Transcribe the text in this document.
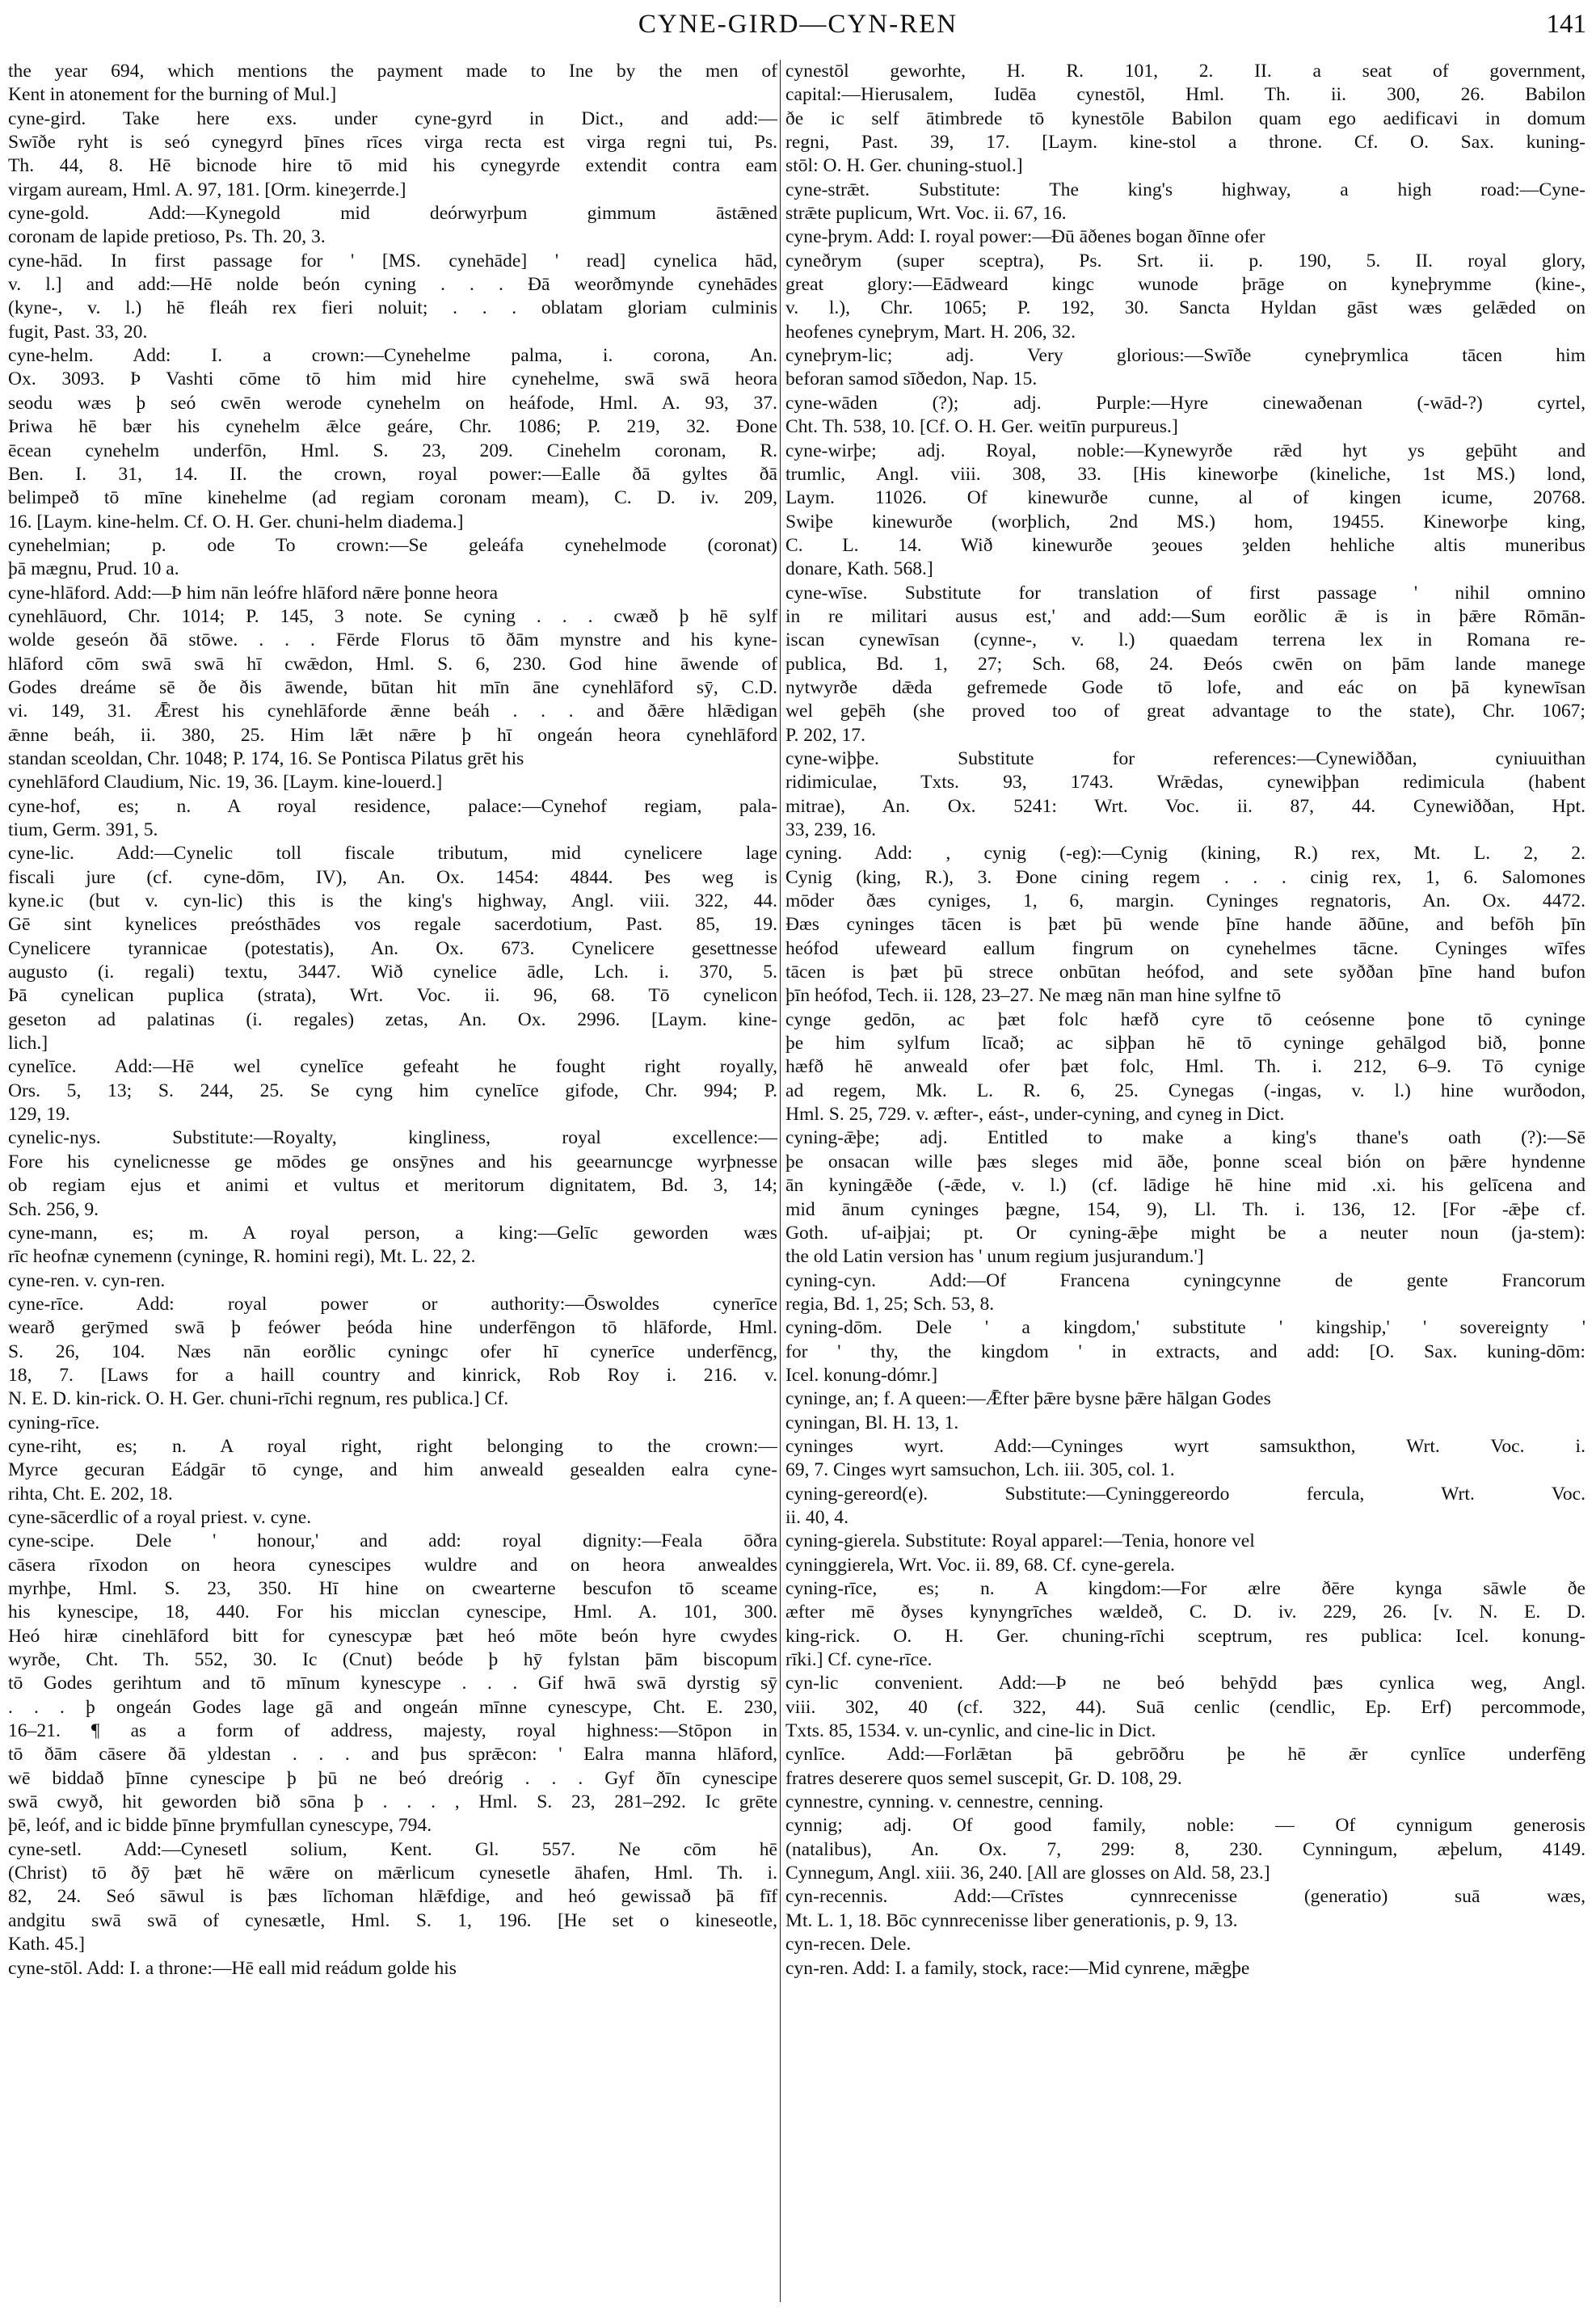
CYNE-GIRD—CYN-REN	141
the year 694, which mentions the payment made to Ine by the men of
Kent in atonement for the burning of Mul.]
cyne-gird. Take here exs. under cyne-gyrd in Dict., and add:—
Swīðe ryht is seó cynegyrd þīnes rīces virga recta est virga regni tui, Ps.
Th. 44, 8. Hē bicnode hire tō mid his cynegyrde extendit contra eam
virgam auream, Hml. A. 97, 181. [Orm. kineȝerrde.]
cyne-gold. Add:—Kynegold mid deórwyrþum gimmum āstǣned
coronam de lapide pretioso, Ps. Th. 20, 3.
cyne-hād. In first passage for ' [MS. cynehāde] ' read] cynelica hād,
v. l.] and add:—Hē nolde beón cyning . . . Ðā weorðmynde cynehādes
(kyne-, v. l.) hē fleáh rex fieri noluit; . . . oblatam gloriam culminis
fugit, Past. 33, 20.
cyne-helm. Add: I. a crown:—Cynehelme palma, i. corona, An.
Ox. 3093. Þ Vashti cōme tō him mid hire cynehelme, swā swā heora
seodu wæs þ seó cwēn werode cynehelm on heáfode, Hml. A. 93, 37.
Þriwa hē bær his cynehelm ǣlce geáre, Chr. 1086; P. 219, 32. Ðone
ēcean cynehelm underfōn, Hml. S. 23, 209. Cinehelm coronam, R.
Ben. I. 31, 14. II. the crown, royal power:—Ealle ðā gyltes ðā
belimpeð tō mīne kinehelme (ad regiam coronam meam), C. D. iv. 209,
16. [Laym. kine-helm. Cf. O. H. Ger. chuni-helm diadema.]
cynehelmian; p. ode To crown:—Se geleáfa cynehelmode (coronat)
þā mægnu, Prud. 10 a.
cyne-hlāford. Add:—Þ him nān leófre hlāford nǣre þonne heora
cynehlāuord, Chr. 1014; P. 145, 3 note. Se cyning . . . cwæð þ hē sylf
wolde geseón ðā stōwe. . . . Fērde Florus tō ðām mynstre and his kyne-
hlāford cōm swā swā hī cwǣdon, Hml. S. 6, 230. God hine āwende of
Godes dreáme sē ðe ðis āwende, būtan hit mīn āne cynehlāford sȳ, C.D.
vi. 149, 31. Ǣrest his cynehlāforde ǣnne beáh . . . and ðǣre hlǣdigan
ǣnne beáh, ii. 380, 25. Him lǣt nǣre þ hī ongeán heora cynehlāford
standan sceoldan, Chr. 1048; P. 174, 16. Se Pontisca Pilatus grēt his
cynehlāford Claudium, Nic. 19, 36. [Laym. kine-louerd.]
cyne-hof, es; n. A royal residence, palace:—Cynehof regiam, pala-
tium, Germ. 391, 5.
cyne-lic. Add:—Cynelic toll fiscale tributum, mid cynelicere lage
fiscali jure (cf. cyne-dōm, IV), An. Ox. 1454: 4844. Þes weg is
kyne.ic (but v. cyn-lic) this is the king's highway, Angl. viii. 322, 44.
Gē sint kynelices preósthādes vos regale sacerdotium, Past. 85, 19.
Cynelicere tyrannicae (potestatis), An. Ox. 673. Cynelicere gesettnesse
augusto (i. regali) textu, 3447. Wið cynelice ādle, Lch. i. 370, 5.
Þā cynelican puplica (strata), Wrt. Voc. ii. 96, 68. Tō cynelicon
geseton ad palatinas (i. regales) zetas, An. Ox. 2996. [Laym. kine-
lich.]
cynelīce. Add:—Hē wel cynelīce gefeaht he fought right royally,
Ors. 5, 13; S. 244, 25. Se cyng him cynelīce gifode, Chr. 994; P.
129, 19.
cynelic-nys. Substitute:—Royalty, kingliness, royal excellence:—
Fore his cynelicnesse ge mōdes ge onsȳnes and his geearnuncge wyrþnesse
ob regiam ejus et animi et vultus et meritorum dignitatem, Bd. 3, 14;
Sch. 256, 9.
cyne-mann, es; m. A royal person, a king:—Gelīc geworden wæs
rīc heofnæ cynemenn (cyninge, R. homini regi), Mt. L. 22, 2.
cyne-ren. v. cyn-ren.
cyne-rīce. Add: royal power or authority:—Ōswoldes cynerīce
wearð gerȳmed swā þ feówer þeóda hine underfēngon tō hlāforde, Hml.
S. 26, 104. Næs nān eorðlic cyningc ofer hī cynerīce underfēncg,
18, 7. [Laws for a haill country and kinrick, Rob Roy i. 216. v.
N. E. D. kin-rick. O. H. Ger. chuni-rīchi regnum, res publica.] Cf.
cyning-rīce.
cyne-riht, es; n. A royal right, right belonging to the crown:—
Myrce gecuran Eádgār tō cynge, and him anweald gesealden ealra cyne-
rihta, Cht. E. 202, 18.
cyne-sācerdlic of a royal priest. v. cyne.
cyne-scipe. Dele ' honour,' and add: royal dignity:—Feala ōðra
cāsera rīxodon on heora cynescipes wuldre and on heora anwealdes
myrhþe, Hml. S. 23, 350. Hī hine on cwearterne bescufon tō sceame
his kynescipe, 18, 440. For his micclan cynescipe, Hml. A. 101, 300.
Heó hiræ cinehlāford bitt for cynescypæ þæt heó mōte beón hyre cwydes
wyrðe, Cht. Th. 552, 30. Ic (Cnut) beóde þ hȳ fylstan þām biscopum
tō Godes gerihtum and tō mīnum kynescype . . . Gif hwā swā dyrstig sȳ
. . . þ ongeán Godes lage gā and ongeán mīnne cynescype, Cht. E. 230,
16–21. ¶ as a form of address, majesty, royal highness:—Stōpon in
tō ðām cāsere ðā yldestan . . . and þus sprǣcon: ' Ealra manna hlāford,
wē biddað þīnne cynescipe þ þū ne beó dreórig . . . Gyf ðīn cynescipe
swā cwyð, hit geworden bið sōna þ . . . , Hml. S. 23, 281–292. Ic grēte
þē, leóf, and ic bidde þīnne þrymfullan cynescype, 794.
cyne-setl. Add:—Cynesetl solium, Kent. Gl. 557. Ne cōm hē
(Christ) tō ðȳ þæt hē wǣre on mǣrlicum cynesetle āhafen, Hml. Th. i.
82, 24. Seó sāwul is þæs līchoman hlǣfdige, and heó gewissað þā fīf
andgitu swā swā of cynesætle, Hml. S. 1, 196. [He set o kineseotle,
Kath. 45.]
cyne-stōl. Add: I. a throne:—Hē eall mid reádum golde his
cynestōl geworhte, H. R. 101, 2. II. a seat of government,
capital:—Hierusalem, Iudēa cynestōl, Hml. Th. ii. 300, 26. Babilon
ðe ic self ātimbrede tō kynestōle Babilon quam ego aedificavi in domum
regni, Past. 39, 17. [Laym. kine-stol a throne. Cf. O. Sax. kuning-
stōl: O. H. Ger. chuning-stuol.]
cyne-strǣt. Substitute: The king's highway, a high road:—Cyne-
strǣte puplicum, Wrt. Voc. ii. 67, 16.
cyne-þrym. Add: I. royal power:—Ðū āðenes bogan ðīnne ofer
cyneðrym (super sceptra), Ps. Srt. ii. p. 190, 5. II. royal glory,
great glory:—Eādweard kingc wunode þrāge on kyneþrymme (kine-,
v. l.), Chr. 1065; P. 192, 30. Sancta Hyldan gāst wæs gelǣded on
heofenes cyneþrym, Mart. H. 206, 32.
cyneþrym-lic; adj. Very glorious:—Swīðe cyneþrymlica tācen him
beforan samod sīðedon, Nap. 15.
cyne-wāden (?); adj. Purple:—Hyre cinewaðenan (-wād-?) cyrtel,
Cht. Th. 538, 10. [Cf. O. H. Ger. weitīn purpureus.]
cyne-wirþe; adj. Royal, noble:—Kynewyrðe rǣd hyt ys geþūht and
trumlic, Angl. viii. 308, 33. [His kineworþe (kineliche, 1st MS.) lond,
Laym. 11026. Of kinewurðe cunne, al of kingen icume, 20768.
Swiþe kinewurðe (worþlich, 2nd MS.) hom, 19455. Kineworþe king,
C. L. 14. Wið kinewurðe ȝeoues ȝelden hehliche altis muneribus
donare, Kath. 568.]
cyne-wīse. Substitute for translation of first passage ' nihil omnino
in re militari ausus est,' and add:—Sum eorðlic ǣ is in þǣre Rōmān-
iscan cynewīsan (cynne-, v. l.) quaedam terrena lex in Romana re-
publica, Bd. 1, 27; Sch. 68, 24. Ðeós cwēn on þām lande manege
nytwyrðe dǣda gefremede Gode tō lofe, and eác on þā kynewīsan
wel geþēh (she proved too of great advantage to the state), Chr. 1067;
P. 202, 17.
cyne-wiþþe. Substitute for references:—Cynewiððan, cyniuuithan
ridimiculae, Txts. 93, 1743. Wrǣdas, cynewiþþan redimicula (habent
mitrae), An. Ox. 5241: Wrt. Voc. ii. 87, 44. Cynewiððan, Hpt.
33, 239, 16.
cyning. Add: , cynig (-eg):—Cynig (kining, R.) rex, Mt. L. 2, 2.
Cynig (king, R.), 3. Ðone cining regem . . . cinig rex, 1, 6. Salomones
mōder ðæs cyniges, 1, 6, margin. Cyninges regnatoris, An. Ox. 4472.
Ðæs cyninges tācen is þæt þū wende þīne hande āðūne, and befōh þīn
heófod ufeweard eallum fingrum on cynehelmes tācne. Cyninges wīfes
tācen is þæt þū strece onbūtan heófod, and sete syððan þīne hand bufon
þīn heófod, Tech. ii. 128, 23–27. Ne mæg nān man hine sylfne tō
cynge gedōn, ac þæt folc hæfð cyre tō ceósenne þone tō cyninge
þe him sylfum līcað; ac siþþan hē tō cyninge gehālgod bið, þonne
hæfð hē anweald ofer þæt folc, Hml. Th. i. 212, 6–9. Tō cynige
ad regem, Mk. L. R. 6, 25. Cynegas (-ingas, v. l.) hine wurðodon,
Hml. S. 25, 729. v. æfter-, eást-, under-cyning, and cyneg in Dict.
cyning-ǣþe; adj. Entitled to make a king's thane's oath (?):—Sē
þe onsacan wille þæs sleges mid āðe, þonne sceal bión on þǣre hyndenne
ān kyningǣðe (-ǣde, v. l.) (cf. lādige hē hine mid .xi. his gelīcena and
mid ānum cyninges þægne, 154, 9), Ll. Th. i. 136, 12. [For -ǣþe cf.
Goth. uf-aiþjai; pt. Or cyning-ǣþe might be a neuter noun (ja-stem):
the old Latin version has ' unum regium jusjurandum.']
cyning-cyn. Add:—Of Francena cyningcynne de gente Francorum
regia, Bd. 1, 25; Sch. 53, 8.
cyning-dōm. Dele ' a kingdom,' substitute ' kingship,' ' sovereignty '
for ' thy, the kingdom ' in extracts, and add: [O. Sax. kuning-dōm:
Icel. konung-dómr.]
cyninge, an; f. A queen:—Ǣfter þǣre bysne þǣre hālgan Godes
cyningan, Bl. H. 13, 1.
cyninges wyrt. Add:—Cyninges wyrt samsukthon, Wrt. Voc. i.
69, 7. Cinges wyrt samsuchon, Lch. iii. 305, col. 1.
cyning-gereord(e). Substitute:—Cyninggereordo fercula, Wrt. Voc.
ii. 40, 4.
cyning-gierela. Substitute: Royal apparel:—Tenia, honore vel
cyninggierela, Wrt. Voc. ii. 89, 68. Cf. cyne-gerela.
cyning-rīce, es; n. A kingdom:—For ælre ðēre kynga sāwle ðe
æfter mē ðyses kynyngrīches wældeð, C. D. iv. 229, 26. [v. N. E. D.
king-rick. O. H. Ger. chuning-rīchi sceptrum, res publica: Icel. konung-
rīki.] Cf. cyne-rīce.
cyn-lic convenient. Add:—Þ ne beó behȳdd þæs cynlica weg, Angl.
viii. 302, 40 (cf. 322, 44). Suā cenlic (cendlic, Ep. Erf) percommode,
Txts. 85, 1534. v. un-cynlic, and cine-lic in Dict.
cynlīce. Add:—Forlǣtan þā gebrōðru þe hē ǣr cynlīce underfēng
fratres deserere quos semel suscepit, Gr. D. 108, 29.
cynnestre, cynning. v. cennestre, cenning.
cynnig; adj. Of good family, noble: — Of cynnigum generosis
(natalibus), An. Ox. 7, 299: 8, 230. Cynningum, æþelum, 4149.
Cynnegum, Angl. xiii. 36, 240. [All are glosses on Ald. 58, 23.]
cyn-recennis. Add:—Crīstes cynnrecenisse (generatio) suā wæs,
Mt. L. 1, 18. Bōc cynnrecenisse liber generationis, p. 9, 13.
cyn-recen. Dele.
cyn-ren. Add: I. a family, stock, race:—Mid cynrene, mǣgþe
